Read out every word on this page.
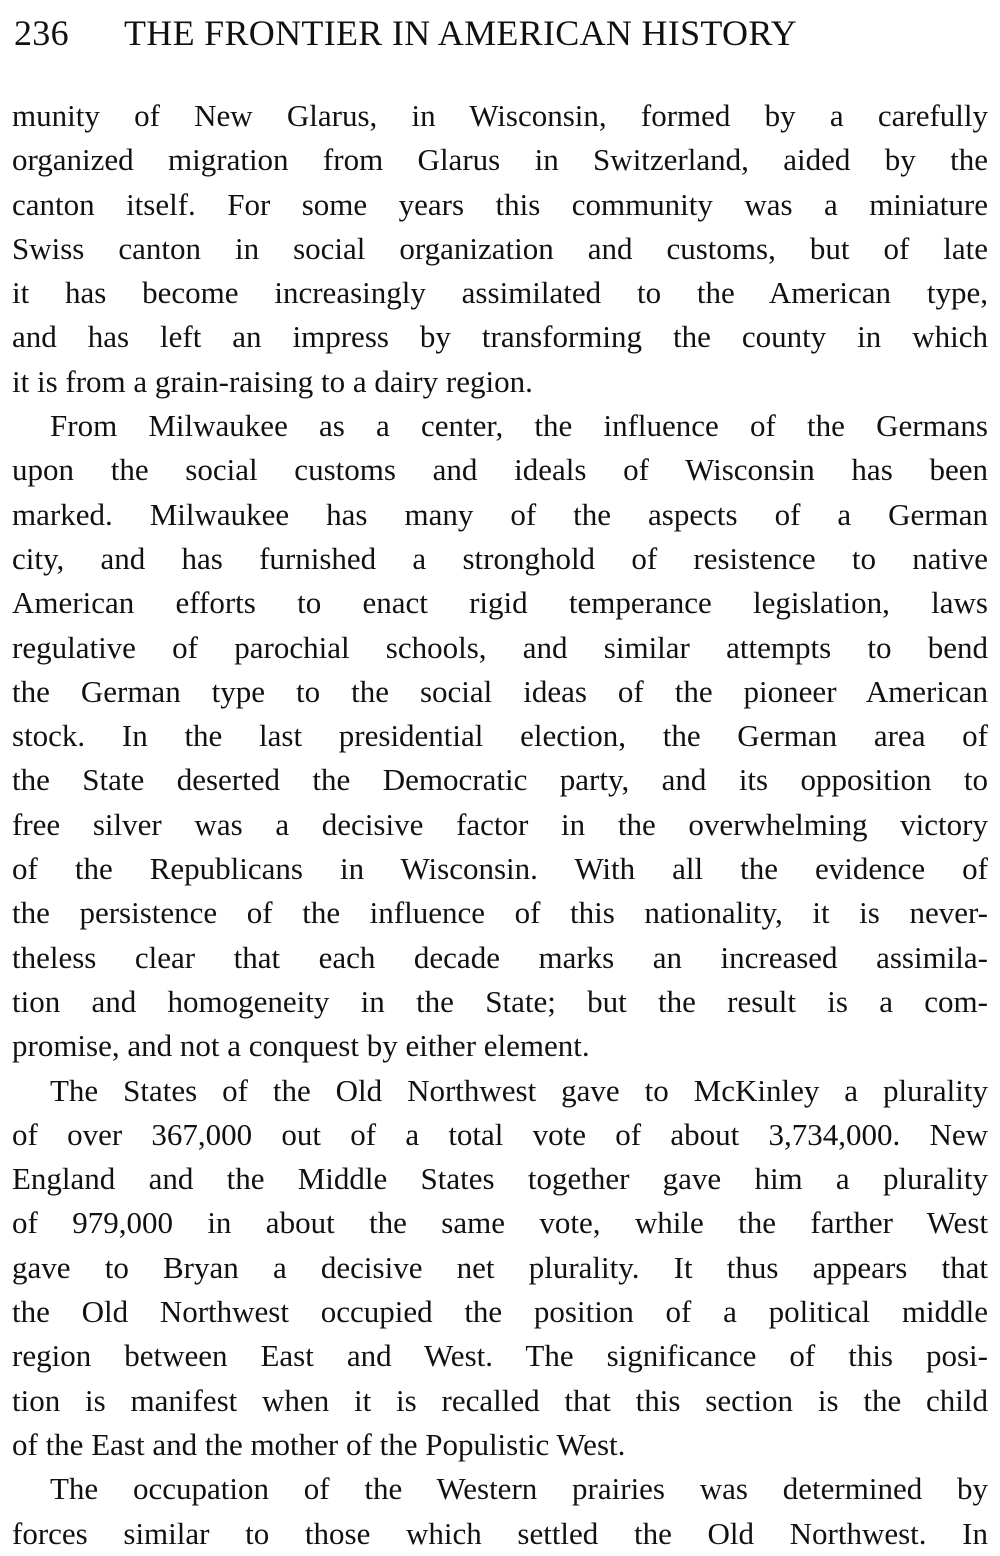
236 THE FRONTIER IN AMERICAN HISTORY
munity of New Glarus, in Wisconsin, formed by a carefully
organized migration from Glarus in Switzerland, aided by the
canton itself. For some years this community was a miniature
Swiss canton in social organization and customs, but of late
it has become increasingly assimilated to the American type,
and has left an impress by transforming the county in which
it is from a grain-raising to a dairy region.
From Milwaukee as a center, the influence of the Germans
upon the social customs and ideals of Wisconsin has been
marked. Milwaukee has many of the aspects of a German
city, and has furnished a stronghold of resistence to native
American efforts to enact rigid temperance legislation, laws
regulative of parochial schools, and similar attempts to bend
the German type to the social ideas of the pioneer American
stock. In the last presidential election, the German area of
the State deserted the Democratic party, and its opposition to
free silver was a decisive factor in the overwhelming victory
of the Republicans in Wisconsin. With all the evidence of
the persistence of the influence of this nationality, it is never-
theless clear that each decade marks an increased assimila-
tion and homogeneity in the State; but the result is a com-
promise, and not a conquest by either element.
The States of the Old Northwest gave to McKinley a plurality
of over 367,000 out of a total vote of about 3,734,000. New
England and the Middle States together gave him a plurality
of 979,000 in about the same vote, while the farther West
gave to Bryan a decisive net plurality. It thus appears that
the Old Northwest occupied the position of a political middle
region between East and West. The significance of this posi-
tion is manifest when it is recalled that this section is the child
of the East and the mother of the Populistic West.
The occupation of the Western prairies was determined by
forces similar to those which settled the Old Northwest. In
